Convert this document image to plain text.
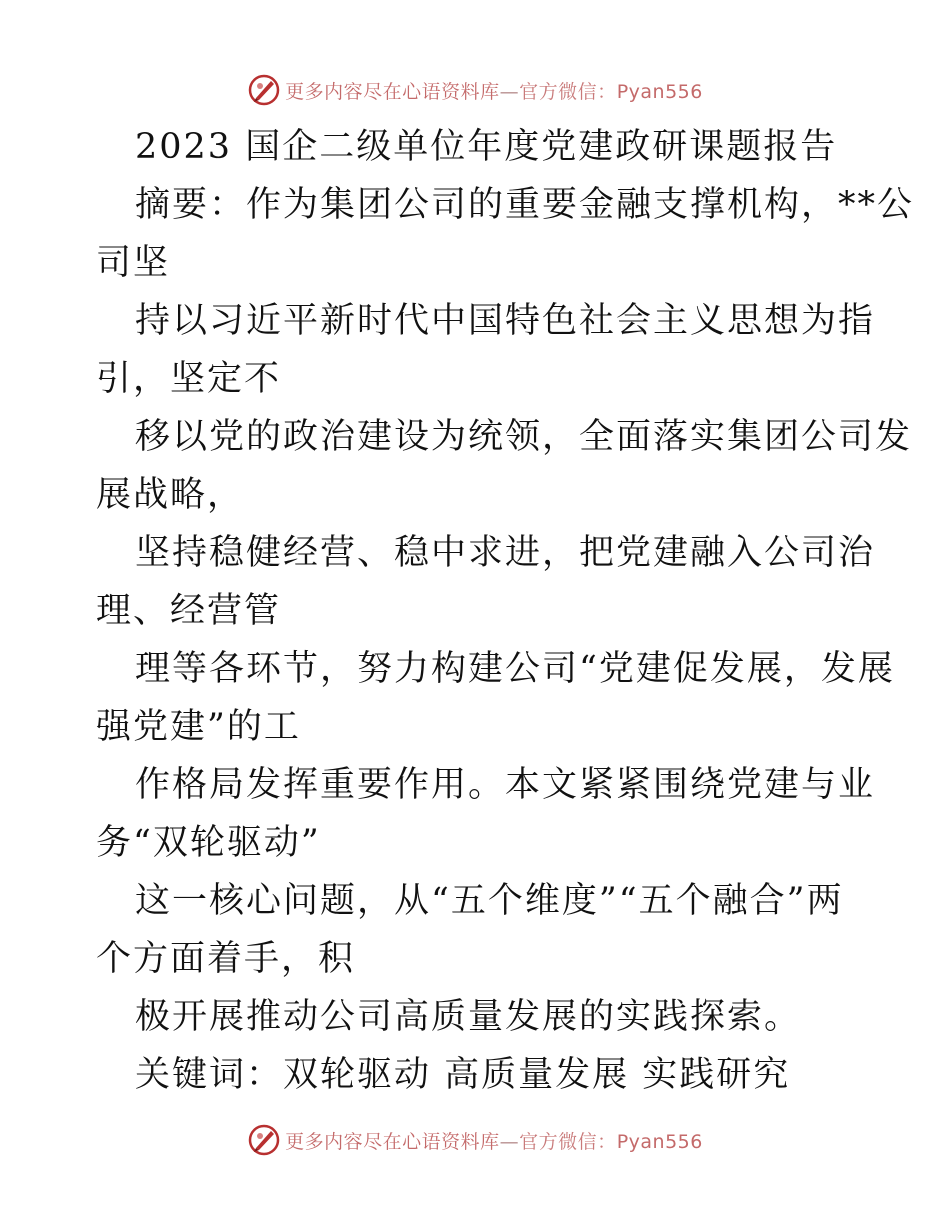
更多内容尽在心语资料库—官方微信：Pyan556
2023 国企二级单位年度党建政研课题报告
摘要：作为集团公司的重要金融支撑机构，**公
司坚
持以习近平新时代中国特色社会主义思想为指
引，坚定不
移以党的政治建设为统领，全面落实集团公司发
展战略，
坚持稳健经营、稳中求进，把党建融入公司治
理、经营管
理等各环节，努力构建公司“党建促发展，发展
强党建”的工
作格局发挥重要作用。本文紧紧围绕党建与业
务“双轮驱动”
这一核心问题，从“五个维度”“五个融合”两
个方面着手，积
极开展推动公司高质量发展的实践探索。
关键词：双轮驱动 高质量发展 实践研究
更多内容尽在心语资料库—官方微信：Pyan556
